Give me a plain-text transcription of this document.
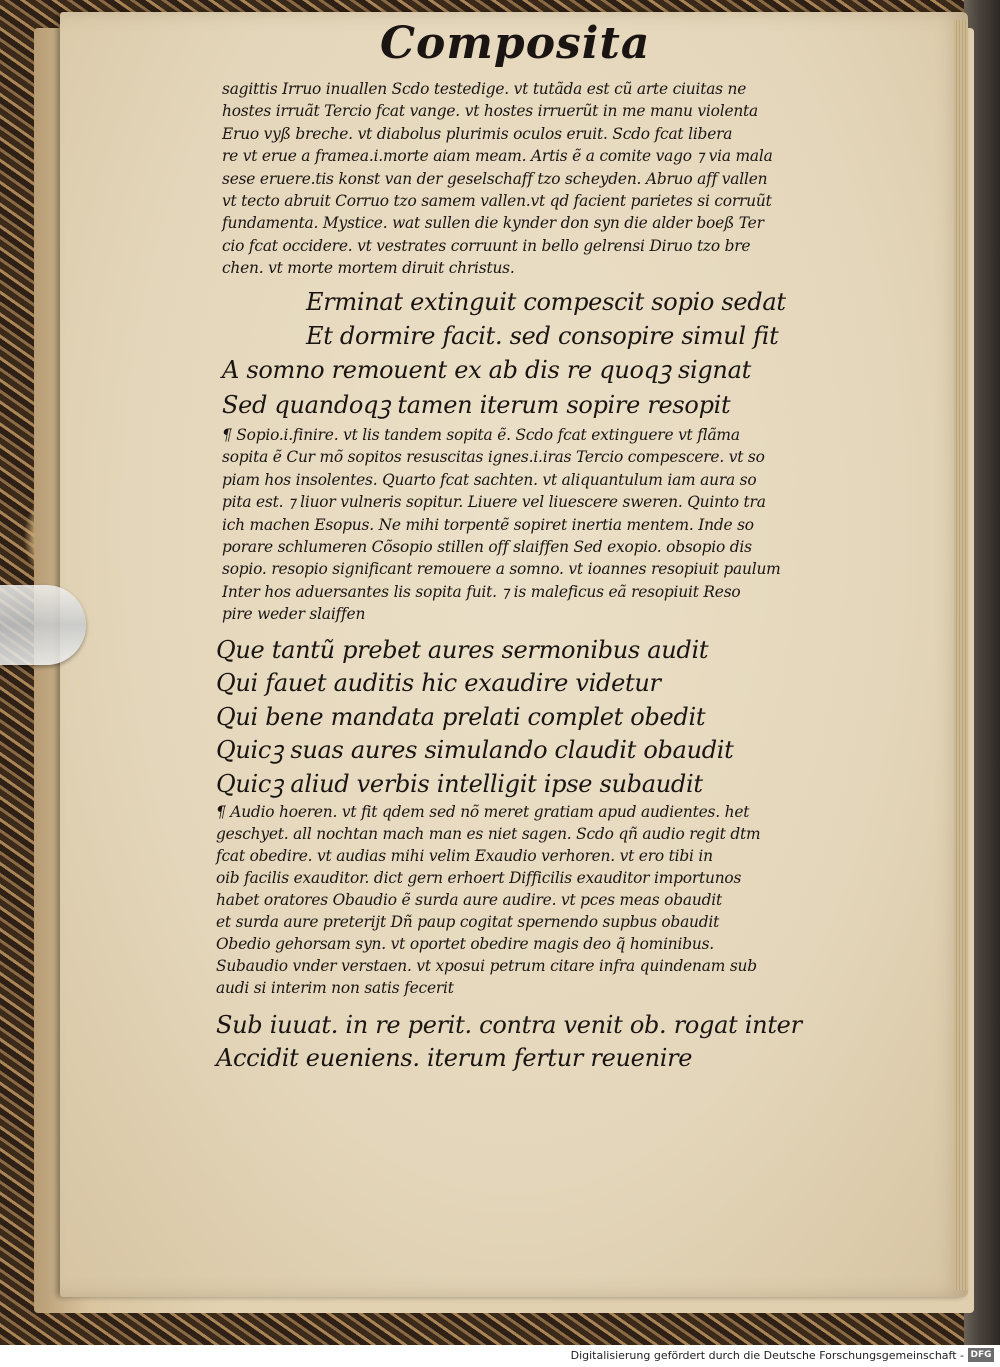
Composita
sagittis Irruo inuallen Scdo testedige. vt tutãda est cũ arte ciuitas ne
hostes irruãt Tercio fcat vange. vt hostes irruerũt in me manu violenta
Eruo vyß breche. vt diabolus plurimis oculos eruit. Scdo fcat libera
re vt erue a framea.i.morte aiam meam. Artis ẽ a comite vago ⁊ via mala
sese eruere.tis konst van der geselschaff tzo scheyden. Abruo aff vallen
vt tecto abruit Corruo tzo samem vallen.vt qd facient parietes si corruũt
fundamenta. Mystice. wat sullen die kynder don syn die alder boeß Ter
cio fcat occidere. vt vestrates corruunt in bello gelrensi Diruo tzo bre
chen. vt morte mortem diruit christus.
Erminat extinguit compescit sopio sedat
Et dormire facit. sed consopire simul fit
A somno remouent ex ab dis re quoqꝫ signat
Sed quandoqꝫ tamen iterum sopire resopit
¶ Sopio.i.finire. vt lis tandem sopita ẽ. Scdo fcat extinguere vt flãma
sopita ẽ Cur mõ sopitos resuscitas ignes.i.iras Tercio compescere. vt so
piam hos insolentes. Quarto fcat sachten. vt aliquantulum iam aura so
pita est. ⁊ liuor vulneris sopitur. Liuere vel liuescere sweren. Quinto tra
ich machen Esopus. Ne mihi torpentẽ sopiret inertia mentem. Inde so
porare schlumeren Cõsopio stillen off slaiffen Sed exopio. obsopio dis
sopio. resopio significant remouere a somno. vt ioannes resopiuit paulum
Inter hos aduersantes lis sopita fuit. ⁊ is maleficus eã resopiuit Reso
pire weder slaiffen
Que tantũ prebet aures sermonibus audit
Qui fauet auditis hic exaudire videtur
Qui bene mandata prelati complet obedit
Quicꝫ suas aures simulando claudit obaudit
Quicꝫ aliud verbis intelligit ipse subaudit
¶ Audio hoeren. vt fit qdem sed nõ meret gratiam apud audientes. het
geschyet. all nochtan mach man es niet sagen. Scdo qñ audio regit dtm
fcat obedire. vt audias mihi velim Exaudio verhoren. vt ero tibi in
oib facilis exauditor. dict gern erhoert Difficilis exauditor importunos
habet oratores Obaudio ẽ surda aure audire. vt pces meas obaudit
et surda aure preterijt Dñ paup cogitat spernendo supbus obaudit
Obedio gehorsam syn. vt oportet obedire magis deo q̃ hominibus.
Subaudio vnder verstaen. vt xposui petrum citare infra quindenam sub
audi si interim non satis fecerit
Sub iuuat. in re perit. contra venit ob. rogat inter
Accidit eueniens. iterum fertur reuenire
Digitalisierung gefördert durch die Deutsche Forschungsgemeinschaft - DFG
